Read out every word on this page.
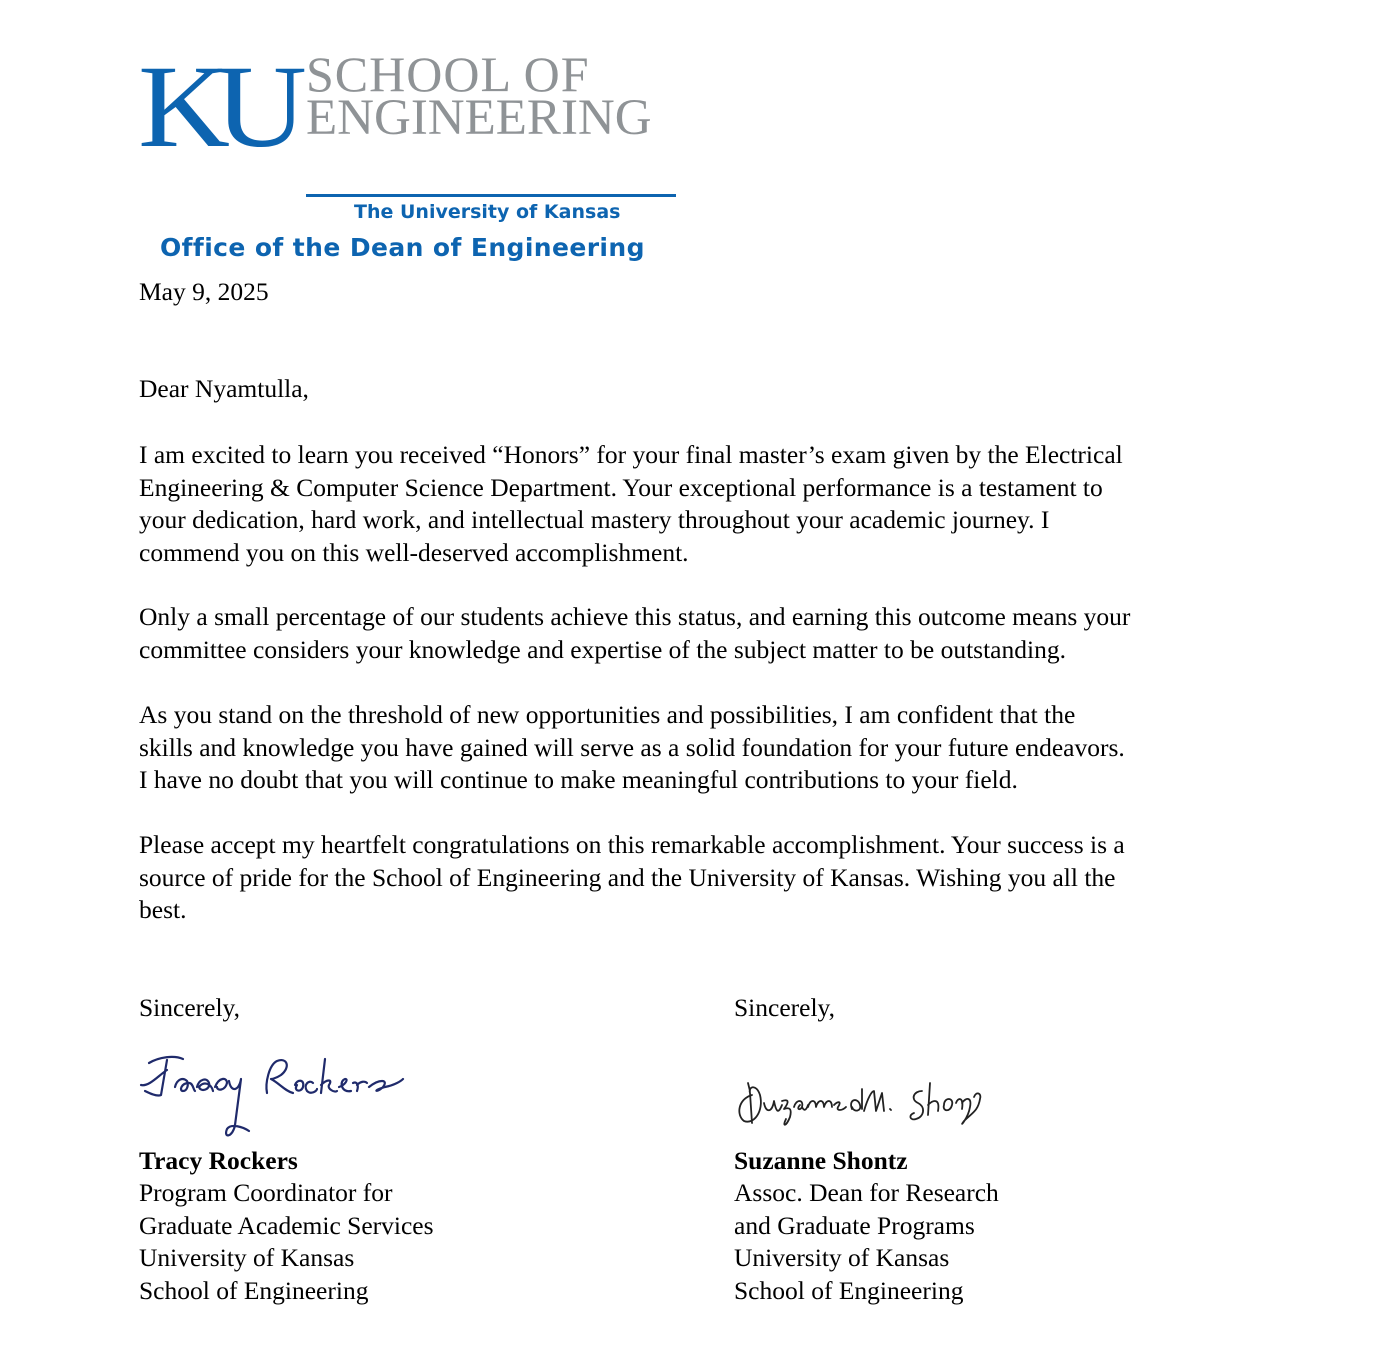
KU SCHOOL OF
ENGINEERING
The University of Kansas
Office of the Dean of Engineering
May 9, 2025
Dear Nyamtulla,
I am excited to learn you received “Honors” for your final master’s exam given by the Electrical
Engineering & Computer Science Department. Your exceptional performance is a testament to
your dedication, hard work, and intellectual mastery throughout your academic journey. I
commend you on this well-deserved accomplishment.
Only a small percentage of our students achieve this status, and earning this outcome means your
committee considers your knowledge and expertise of the subject matter to be outstanding.
As you stand on the threshold of new opportunities and possibilities, I am confident that the
skills and knowledge you have gained will serve as a solid foundation for your future endeavors.
I have no doubt that you will continue to make meaningful contributions to your field.
Please accept my heartfelt congratulations on this remarkable accomplishment. Your success is a
source of pride for the School of Engineering and the University of Kansas. Wishing you all the
best.
Sincerely,
Tracy Rockers
Program Coordinator for
Graduate Academic Services
University of Kansas
School of Engineering
Sincerely,
Suzanne Shontz
Assoc. Dean for Research
and Graduate Programs
University of Kansas
School of Engineering
